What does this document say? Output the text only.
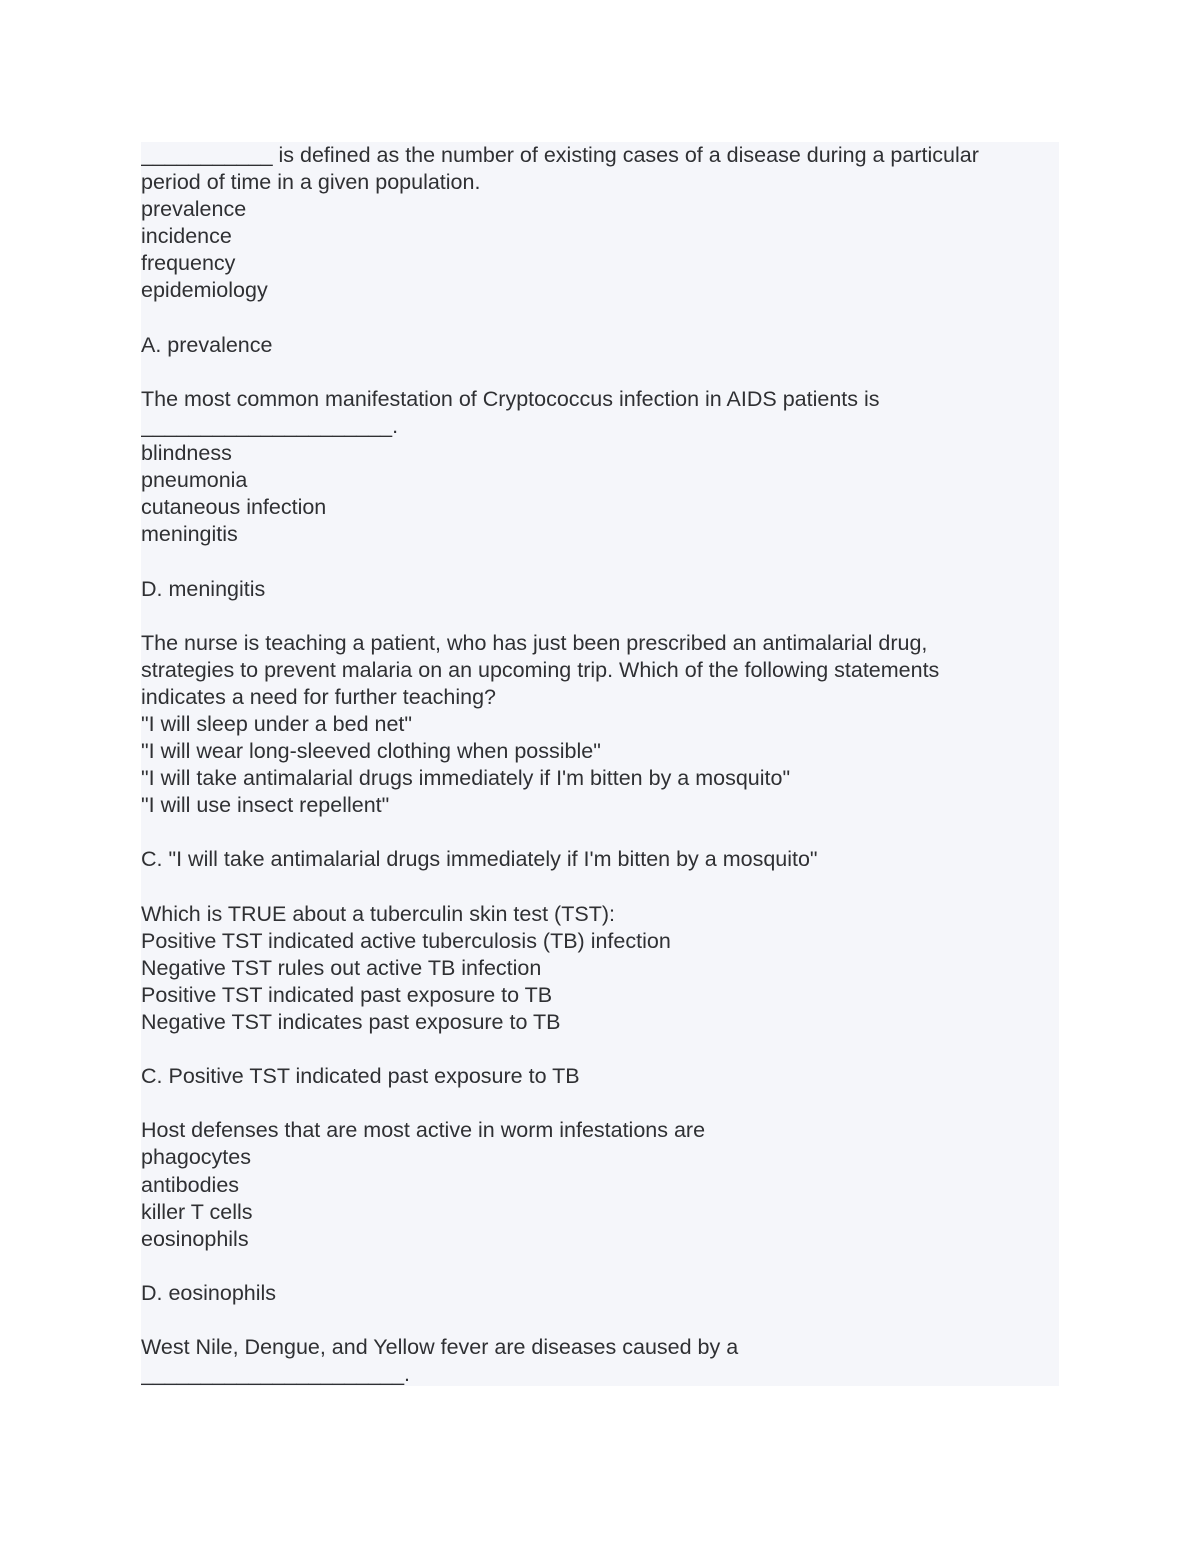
___________ is defined as the number of existing cases of a disease during a particular
period of time in a given population.
prevalence
incidence
frequency
epidemiology
A. prevalence
The most common manifestation of Cryptococcus infection in AIDS patients is
_____________________.
blindness
pneumonia
cutaneous infection
meningitis
D. meningitis
The nurse is teaching a patient, who has just been prescribed an antimalarial drug,
strategies to prevent malaria on an upcoming trip. Which of the following statements
indicates a need for further teaching?
"I will sleep under a bed net"
"I will wear long-sleeved clothing when possible"
"I will take antimalarial drugs immediately if I'm bitten by a mosquito"
"I will use insect repellent"
C. "I will take antimalarial drugs immediately if I'm bitten by a mosquito"
Which is TRUE about a tuberculin skin test (TST):
Positive TST indicated active tuberculosis (TB) infection
Negative TST rules out active TB infection
Positive TST indicated past exposure to TB
Negative TST indicates past exposure to TB
C. Positive TST indicated past exposure to TB
Host defenses that are most active in worm infestations are
phagocytes
antibodies
killer T cells
eosinophils
D. eosinophils
West Nile, Dengue, and Yellow fever are diseases caused by a
______________________.
